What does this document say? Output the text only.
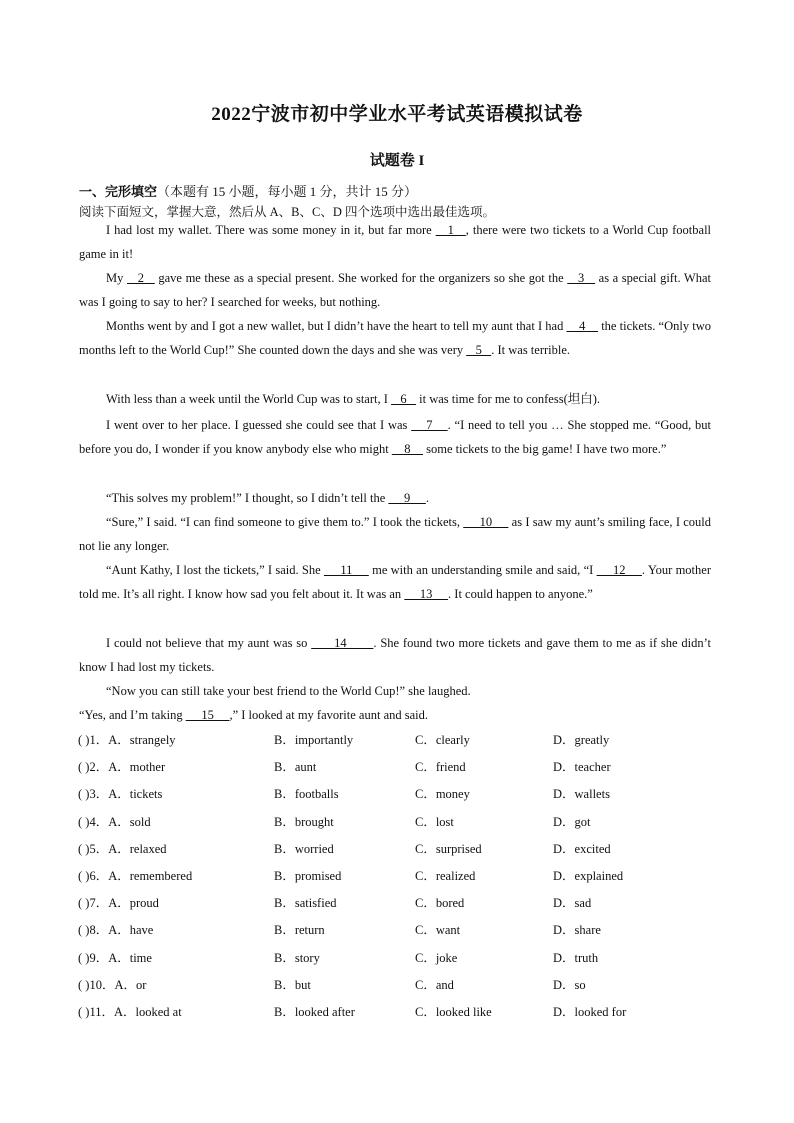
2022宁波市初中学业水平考试英语模拟试卷
试题卷 I
一、完形填空（本题有 15 小题，每小题 1 分，共计 15 分）
阅读下面短文，掌握大意，然后从 A、B、C、D 四个选项中选出最佳选项。
I had lost my wallet. There was some money in it, but far more    1   , there were two tickets to a World Cup football game in it!
My    2    gave me these as a special present. She worked for the organizers so she got the    3    as a special gift. What was I going to say to her? I searched for weeks, but nothing.
Months went by and I got a new wallet, but I didn’t have the heart to tell my aunt that I had     4     the tickets. “Only two months left to the World Cup!” She counted down the days and she was very    5   . It was terrible.
With less than a week until the World Cup was to start, I    6    it was time for me to confess(坦白).
I went over to her place. I guessed she could see that I was     7    . “I need to tell you … She stopped me. “Good, but before you do, I wonder if you know anybody else who might     8     some tickets to the big game! I have two more.”
“This solves my problem!” I thought, so I didn’t tell the      9     .
“Sure,” I said. “I can find someone to give them to.” I took the tickets,      10      as I saw my aunt’s smiling face, I could not lie any longer.
“Aunt Kathy, I lost the tickets,” I said. She      11      me with an understanding smile and said, “I      12     . Your mother told me. It’s all right. I know how sad you felt about it. It was an      13     . It could happen to anyone.”
I could not believe that my aunt was so       14       . She found two more tickets and gave them to me as if she didn’t know I had lost my tickets.
“Now you can still take your best friend to the World Cup!” she laughed.
“Yes, and I’m taking      15     ,” I looked at my favorite aunt and said.
( )1．A．strangely	B．importantly	C．clearly	D．greatly
( )2．A．mother	B．aunt	C．friend	D．teacher
( )3．A．tickets	B．footballs	C．money	D．wallets
( )4．A．sold	B．brought	C．lost	D．got
( )5．A．relaxed	B．worried	C．surprised	D．excited
( )6．A．remembered	B．promised	C．realized	D．explained
( )7．A．proud	B．satisfied	C．bored	D．sad
( )8．A．have	B．return	C．want	D．share
( )9．A．time	B．story	C．joke	D．truth
( )10．A．or	B．but	C．and	D．so
( )11．A．looked at	B．looked after	C．looked like	D．looked for
